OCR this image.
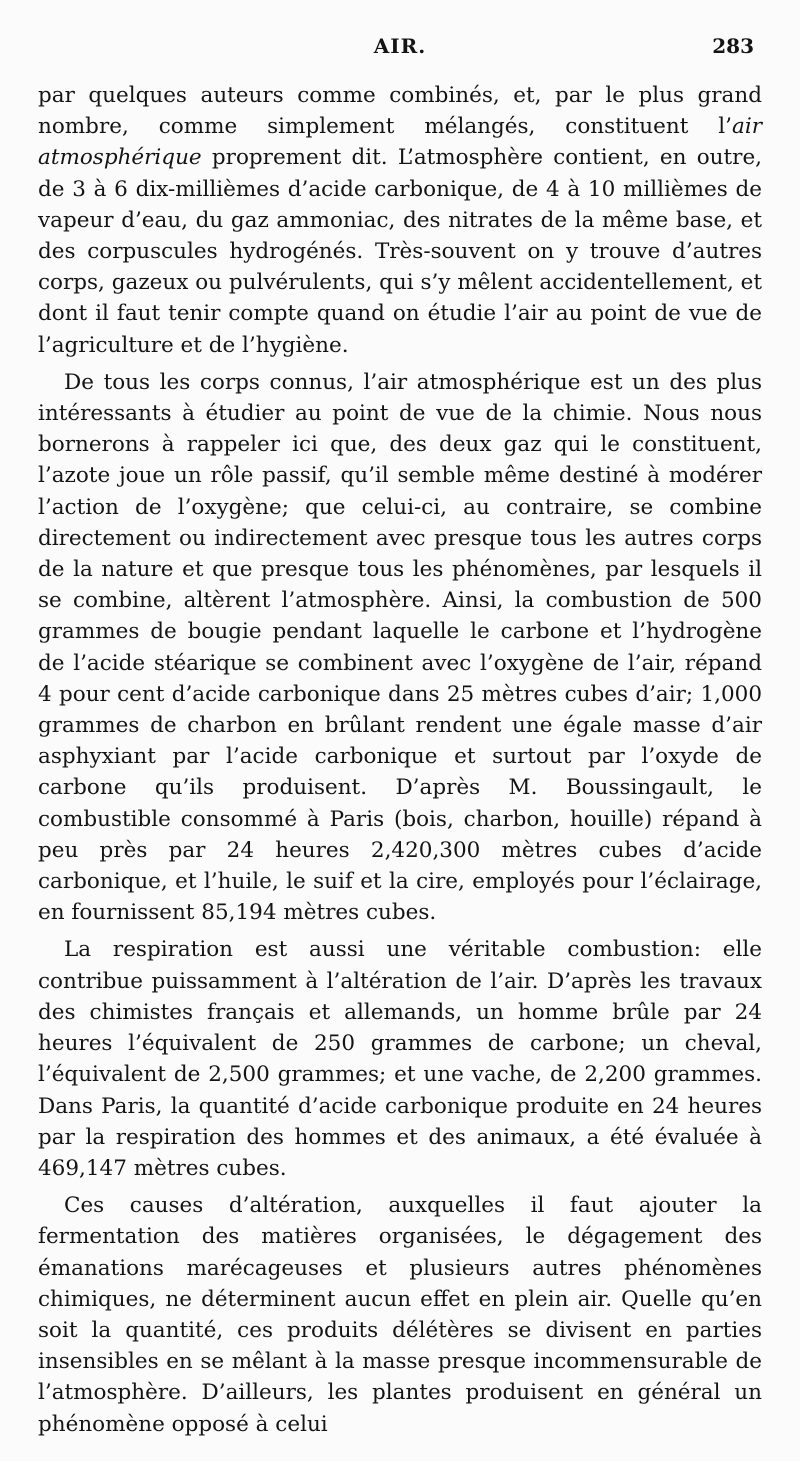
AIR.	283

par quelques auteurs comme combinés, et, par le plus grand nombre, comme simplement mélangés, constituent l’air atmosphérique proprement dit. L’atmosphère contient, en outre, de 3 à 6 dix-millièmes d’acide carbonique, de 4 à 10 millièmes de vapeur d’eau, du gaz ammoniac, des nitrates de la même base, et des corpuscules hydrogénés. Très-souvent on y trouve d’autres corps, gazeux ou pulvérulents, qui s’y mêlent accidentellement, et dont il faut tenir compte quand on étudie l’air au point de vue de l’agriculture et de l’hygiène.

De tous les corps connus, l’air atmosphérique est un des plus intéressants à étudier au point de vue de la chimie. Nous nous bornerons à rappeler ici que, des deux gaz qui le constituent, l’azote joue un rôle passif, qu’il semble même destiné à modérer l’action de l’oxygène; que celui-ci, au contraire, se combine directement ou indirectement avec presque tous les autres corps de la nature et que presque tous les phénomènes, par lesquels il se combine, altèrent l’atmosphère. Ainsi, la combustion de 500 grammes de bougie pendant laquelle le carbone et l’hydrogène de l’acide stéarique se combinent avec l’oxygène de l’air, répand 4 pour cent d’acide carbonique dans 25 mètres cubes d’air; 1,000 grammes de charbon en brûlant rendent une égale masse d’air asphyxiant par l’acide carbonique et surtout par l’oxyde de carbone qu’ils produisent. D’après M. Boussingault, le combustible consommé à Paris (bois, charbon, houille) répand à peu près par 24 heures 2,420,300 mètres cubes d’acide carbonique, et l’huile, le suif et la cire, employés pour l’éclairage, en fournissent 85,194 mètres cubes.

La respiration est aussi une véritable combustion: elle contribue puissamment à l’altération de l’air. D’après les travaux des chimistes français et allemands, un homme brûle par 24 heures l’équivalent de 250 grammes de carbone; un cheval, l’équivalent de 2,500 grammes; et une vache, de 2,200 grammes. Dans Paris, la quantité d’acide carbonique produite en 24 heures par la respiration des hommes et des animaux, a été évaluée à 469,147 mètres cubes.

Ces causes d’altération, auxquelles il faut ajouter la fermentation des matières organisées, le dégagement des émanations marécageuses et plusieurs autres phénomènes chimiques, ne déterminent aucun effet en plein air. Quelle qu’en soit la quantité, ces produits délétères se divisent en parties insensibles en se mêlant à la masse presque incommensurable de l’atmosphère. D’ailleurs, les plantes produisent en général un phénomène opposé à celui
